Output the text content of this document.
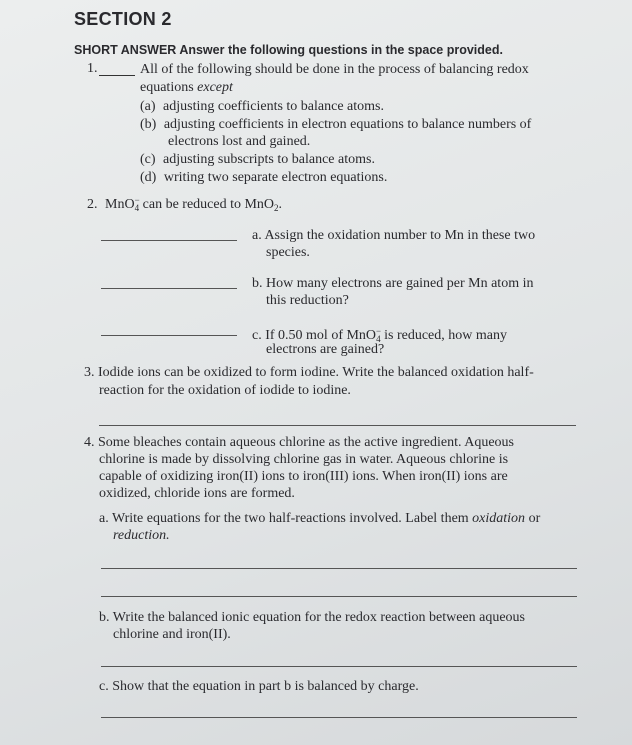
SECTION 2
SHORT ANSWER Answer the following questions in the space provided.
1.	All of the following should be done in the process of balancing redox
equations except
(a) adjusting coefficients to balance atoms.
(b) adjusting coefficients in electron equations to balance numbers of
electrons lost and gained.
(c) adjusting subscripts to balance atoms.
(d) writing two separate electron equations.
2. MnO−$_4$ can be reduced to MnO$_2$.
a. Assign the oxidation number to Mn in these two
species.
b. How many electrons are gained per Mn atom in
this reduction?
c. If 0.50 mol of MnO−$_4$ is reduced, how many
electrons are gained?
3. Iodide ions can be oxidized to form iodine. Write the balanced oxidation half-
reaction for the oxidation of iodide to iodine.
4. Some bleaches contain aqueous chlorine as the active ingredient. Aqueous
chlorine is made by dissolving chlorine gas in water. Aqueous chlorine is
capable of oxidizing iron(II) ions to iron(III) ions. When iron(II) ions are
oxidized, chloride ions are formed.
a. Write equations for the two half-reactions involved. Label them oxidation or
reduction.
b. Write the balanced ionic equation for the redox reaction between aqueous
chlorine and iron(II).
c. Show that the equation in part b is balanced by charge.
